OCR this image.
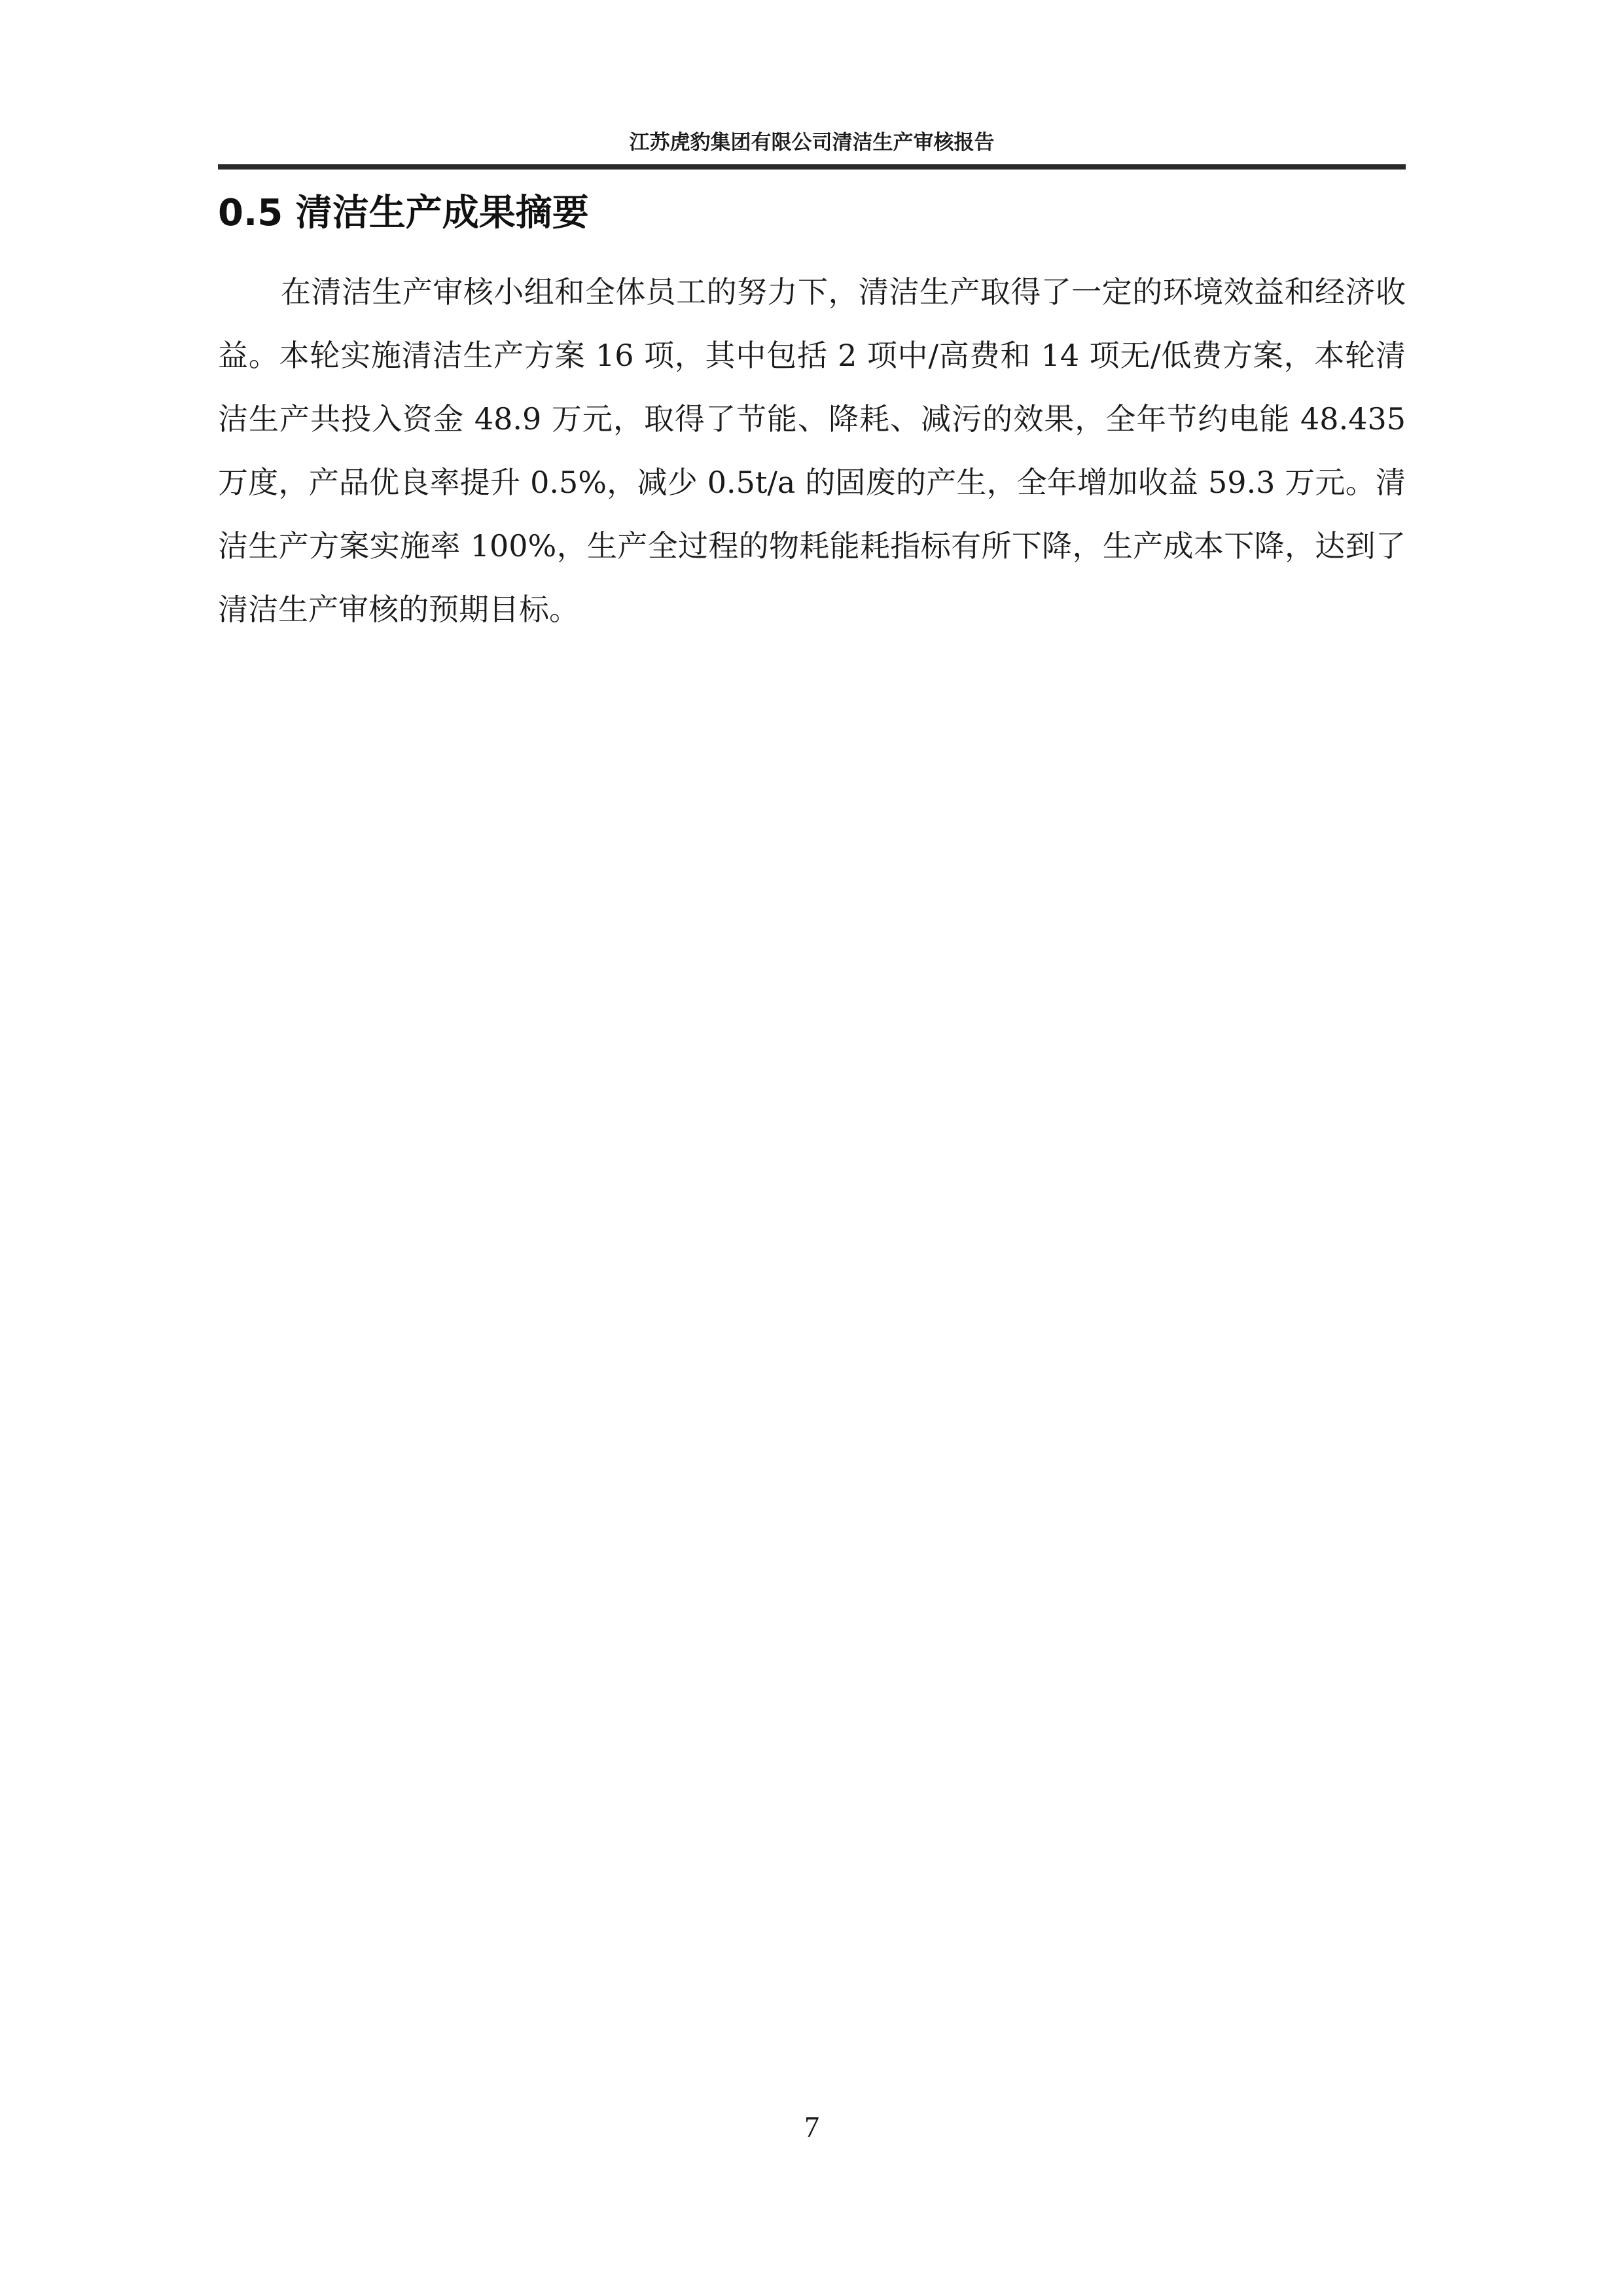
江苏虎豹集团有限公司清洁生产审核报告
0.5 清洁生产成果摘要

在清洁生产审核小组和全体员工的努力下，清洁生产取得了一定的环境效益和经济收益。本轮实施清洁生产方案 16 项，其中包括 2 项中/高费和 14 项无/低费方案，本轮清洁生产共投入资金 48.9 万元，取得了节能、降耗、减污的效果，全年节约电能 48.435 万度，产品优良率提升 0.5%，减少 0.5t/a 的固废的产生，全年增加收益 59.3 万元。清洁生产方案实施率 100%，生产全过程的物耗能耗指标有所下降，生产成本下降，达到了清洁生产审核的预期目标。

7
